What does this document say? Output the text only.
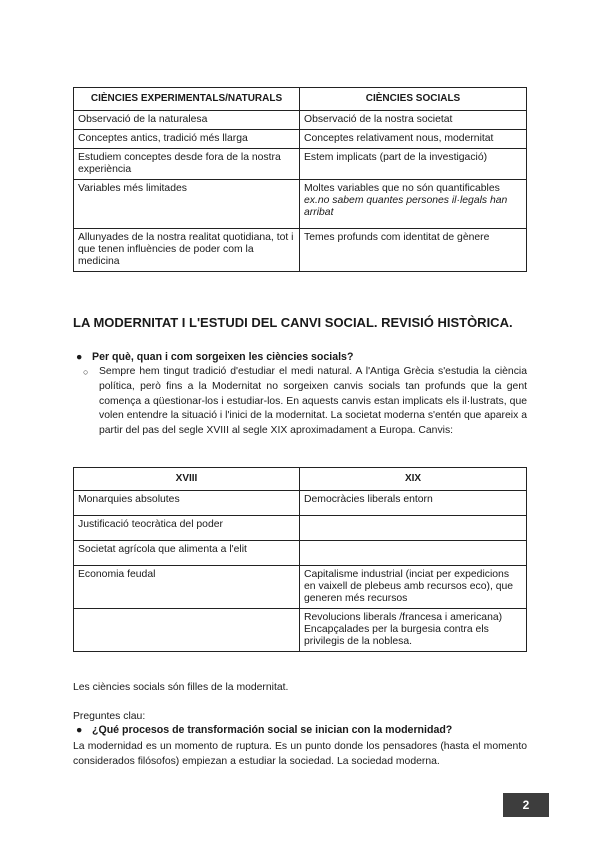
CIÈNCIES EXPERIMENTALS/NATURALS	CIÈNCIES SOCIALS
Observació de la naturalesa	Observació de la nostra societat
Conceptes antics, tradició més llarga	Conceptes relativament nous, modernitat
Estudiem conceptes desde fora de la nostra experiència	Estem implicats (part de la investigació)
Variables més limitades	Moltes variables que no són quantificables
ex.no sabem quantes persones il·legals han arribat

Allunyades de la nostra realitat quotidiana, tot i que tenen influències de poder com la medicina	Temes profunds com identitat de gènere
LA MODERNITAT I L'ESTUDI DEL CANVI SOCIAL. REVISIÓ HISTÒRICA.
● Per què, quan i com sorgeixen les ciències socials?
○ Sempre hem tingut tradició d'estudiar el medi natural. A l'Antiga Grècia s'estudia la ciència política, però fins a la Modernitat no sorgeixen canvis socials tan profunds que la gent comença a qüestionar-los i estudiar-los. En aquests canvis estan implicats els il·lustrats, que volen entendre la situació i l'inici de la modernitat. La societat moderna s'entén que apareix a partir del pas del segle XVIII al segle XIX aproximadament a Europa. Canvis:
XVIII	XIX
Monarquies absolutes	Democràcies liberals entorn
Justificació teocràtica del poder	
Societat agrícola que alimenta a l'elit	
Economia feudal	Capitalisme industrial (inciat per expedicions en vaixell de plebeus amb recursos eco), que generen més recursos
	Revolucions liberals /francesa i americana) Encapçalades per la burgesia contra els privilegis de la noblesa.
Les ciències socials són filles de la modernitat.
Preguntes clau:
● ¿Qué procesos de transformación social se inician con la modernidad?
La modernidad es un momento de ruptura. Es un punto donde los pensadores (hasta el momento considerados filósofos) empiezan a estudiar la sociedad. La sociedad moderna.
2
